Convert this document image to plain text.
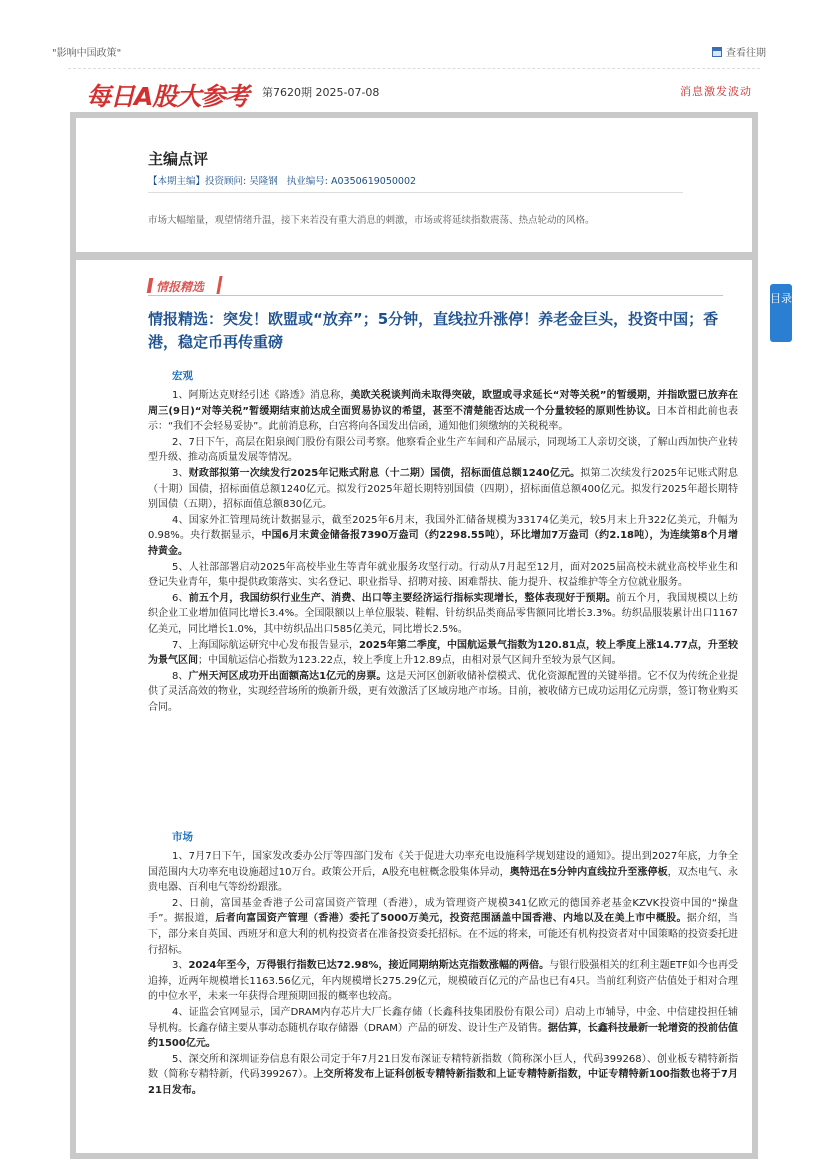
"影响中国政策"	查看往期
每日A股大参考 第7620期 2025-07-08	消息激发波动
主编点评
【本期主编】投资顾问: 吴隆钢 执业编号: A0350619050002
市场大幅缩量，观望情绪升温，接下来若没有重大消息的刺激，市场或将延续指数震荡、热点轮动的风格。
情报精选
情报精选：突发！欧盟或“放弃”；5分钟，直线拉升涨停！养老金巨头，投资中国；香港，稳定币再传重磅
宏观

1、阿斯达克财经引述《路透》消息称，美欧关税谈判尚未取得突破，欧盟或寻求延长“对等关税”的暂缓期，并指欧盟已放弃在周三(9日)“对等关税”暂缓期结束前达成全面贸易协议的希望，甚至不清楚能否达成一个分量较轻的原则性协议。日本首相此前也表示：“我们不会轻易妥协”。此前消息称，白宫将向各国发出信函，通知他们须缴纳的关税税率。

2、7日下午，高层在阳泉阀门股份有限公司考察。他察看企业生产车间和产品展示，同现场工人亲切交谈，了解山西加快产业转型升级、推动高质量发展等情况。

3、财政部拟第一次续发行2025年记账式附息（十二期）国债，招标面值总额1240亿元。拟第二次续发行2025年记账式附息（十期）国债，招标面值总额1240亿元。拟发行2025年超长期特别国债（四期），招标面值总额400亿元。拟发行2025年超长期特别国债（五期），招标面值总额830亿元。

4、国家外汇管理局统计数据显示，截至2025年6月末，我国外汇储备规模为33174亿美元，较5月末上升322亿美元，升幅为0.98%。央行数据显示，中国6月末黄金储备报7390万盎司（约2298.55吨），环比增加7万盎司（约2.18吨），为连续第8个月增持黄金。

5、人社部部署启动2025年高校毕业生等青年就业服务攻坚行动。行动从7月起至12月，面对2025届高校未就业高校毕业生和登记失业青年，集中提供政策落实、实名登记、职业指导、招聘对接、困难帮扶、能力提升、权益维护等全方位就业服务。

6、前五个月，我国纺织行业生产、消费、出口等主要经济运行指标实现增长，整体表现好于预期。前五个月，我国规模以上纺织企业工业增加值同比增长3.4%。全国限额以上单位服装、鞋帽、针纺织品类商品零售额同比增长3.3%。纺织品服装累计出口1167亿美元，同比增长1.0%，其中纺织品出口585亿美元，同比增长2.5%。

7、上海国际航运研究中心发布报告显示，2025年第二季度，中国航运景气指数为120.81点，较上季度上涨14.77点，升至较为景气区间；中国航运信心指数为123.22点，较上季度上升12.89点，由相对景气区间升至较为景气区间。

8、广州天河区成功开出面额高达1亿元的房票。这是天河区创新收储补偿模式、优化资源配置的关键举措。它不仅为传统企业提供了灵活高效的物业，实现经营场所的焕新升级，更有效激活了区域房地产市场。目前，被收储方已成功运用亿元房票，签订物业购买合同。

市场

1、7月7日下午，国家发改委办公厅等四部门发布《关于促进大功率充电设施科学规划建设的通知》。提出到2027年底，力争全国范围内大功率充电设施超过10万台。政策公开后，A股充电桩概念股集体异动，奥特迅在5分钟内直线拉升至涨停板，双杰电气、永贵电器、百利电气等纷纷跟涨。

2、日前，富国基金香港子公司富国资产管理（香港），成为管理资产规模341亿欧元的德国养老基金KZVK投资中国的“操盘手”。据报道，后者向富国资产管理（香港）委托了5000万美元，投资范围涵盖中国香港、内地以及在美上市中概股。据介绍，当下，部分来自英国、西班牙和意大利的机构投资者在准备投资委托招标。在不远的将来，可能还有机构投资者对中国策略的投资委托进行招标。

3、2024年至今，万得银行指数已达72.98%，接近同期纳斯达克指数涨幅的两倍。与银行股强相关的红利主题ETF如今也再受追捧，近两年规模增长1163.56亿元，年内规模增长275.29亿元，规模破百亿元的产品也已有4只。当前红利资产估值处于相对合理的中位水平，未来一年获得合理预期回报的概率也较高。

4、证监会官网显示，国产DRAM内存芯片大厂长鑫存储（长鑫科技集团股份有限公司）启动上市辅导，中金、中信建投担任辅导机构。长鑫存储主要从事动态随机存取存储器（DRAM）产品的研发、设计生产及销售。据估算，长鑫科技最新一轮增资的投前估值约1500亿元。

5、深交所和深圳证券信息有限公司定于年7月21日发布深证专精特新指数（简称深小巨人，代码399268）、创业板专精特新指数（简称专精特新，代码399267）。上交所将发布上证科创板专精特新指数和上证专精特新指数，中证专精特新100指数也将于7月21日发布。

目录
